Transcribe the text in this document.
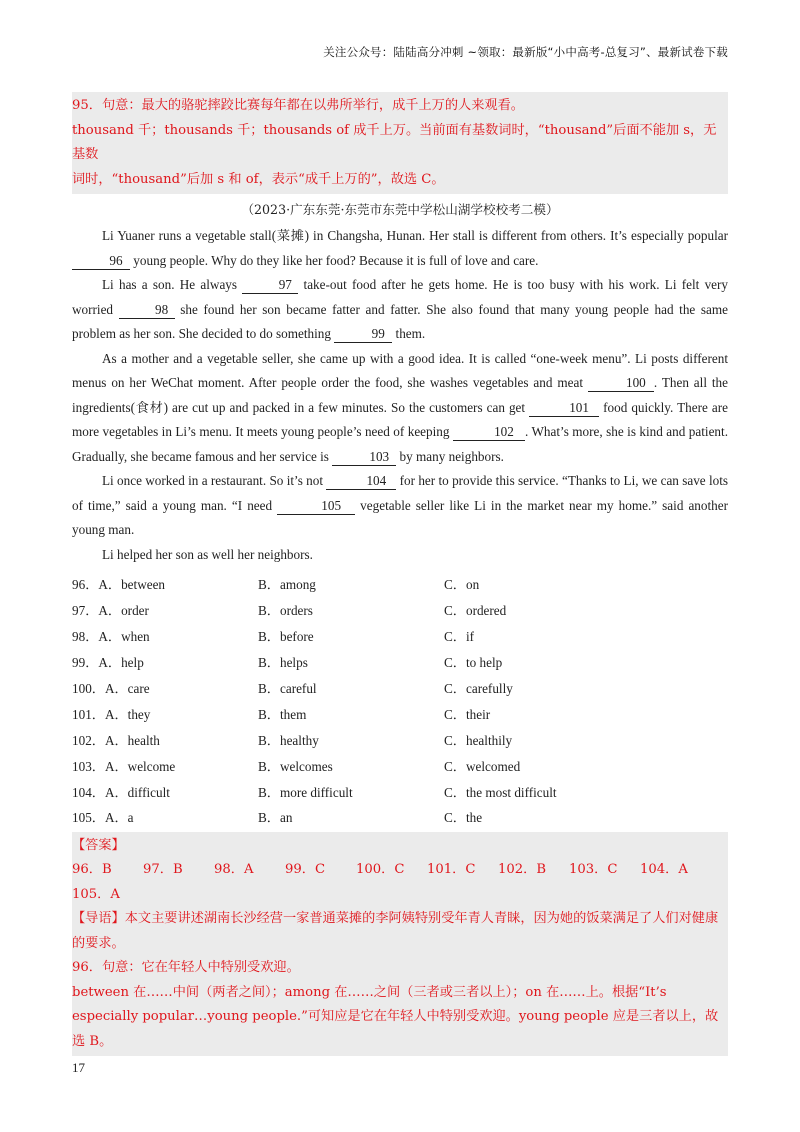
关注公众号：陆陆高分冲刺 ~领取：最新版“小中高考-总复习”、最新试卷下载

95．句意：最大的骆驼摔跤比赛每年都在以弗所举行，成千上万的人来观看。

thousand 千；thousands 千；thousands of 成千上万。当前面有基数词时，“thousand”后面不能加 s，无基数

词时，“thousand”后加 s 和 of，表示“成千上万的”，故选 C。

（2023·广东东莞·东莞市东莞中学松山湖学校校考二模）

Li Yuaner runs a vegetable stall(菜摊) in Changsha, Hunan. Her stall is different from others. It’s especially popular 96 young people. Why do they like her food? Because it is full of love and care.

Li has a son. He always	97 take-out food after he gets home. He is too busy with his work. Li felt very worried	98 she found her son became fatter and fatter. She also found that many young people had the same problem as her son. She decided to do something	99 them.

As a mother and a vegetable seller, she came up with a good idea. It is called “one-week menu”. Li posts different menus on her WeChat moment. After people order the food, she washes vegetables and meat	100 . Then all the ingredients(食材) are cut up and packed in a few minutes. So the customers can get	101 food quickly. There are more vegetables in Li’s menu. It meets young people’s need of keeping	102 . What’s more, she is kind and patient. Gradually, she became famous and her service is	103 by many neighbors.

Li once worked in a restaurant. So it’s not	104 for her to provide this service. “Thanks to Li, we can save lots of time,” said a young man. “I need	105 vegetable seller like Li in the market near my home.” said another young man.

Li helped her son as well her neighbors.

96．A．between	B．among	C．on
97．A．order	B．orders	C．ordered
98．A．when	B．before	C．if
99．A．help	B．helps	C．to help
100．A．care	B．careful	C．carefully
101．A．they	B．them	C．their
102．A．health	B．healthy	C．healthily
103．A．welcome	B．welcomes	C．welcomed
104．A．difficult	B．more difficult	C．the most difficult
105．A．a	B．an	C．the

【答案】

96．B	97．B	98．A	99．C	100．C	101．C	102．B	103．C	104．A

105．A

【导语】本文主要讲述湖南长沙经营一家普通菜摊的李阿姨特别受年青人青睐，因为她的饭菜满足了人们对健康的要求。

96．句意：它在年轻人中特别受欢迎。

between 在……中间（两者之间）；among 在……之间（三者或三者以上）；on 在……上。根据“It’s especially popular…young people.”可知应是它在年轻人中特别受欢迎。young people 应是三者以上，故选 B。

17
